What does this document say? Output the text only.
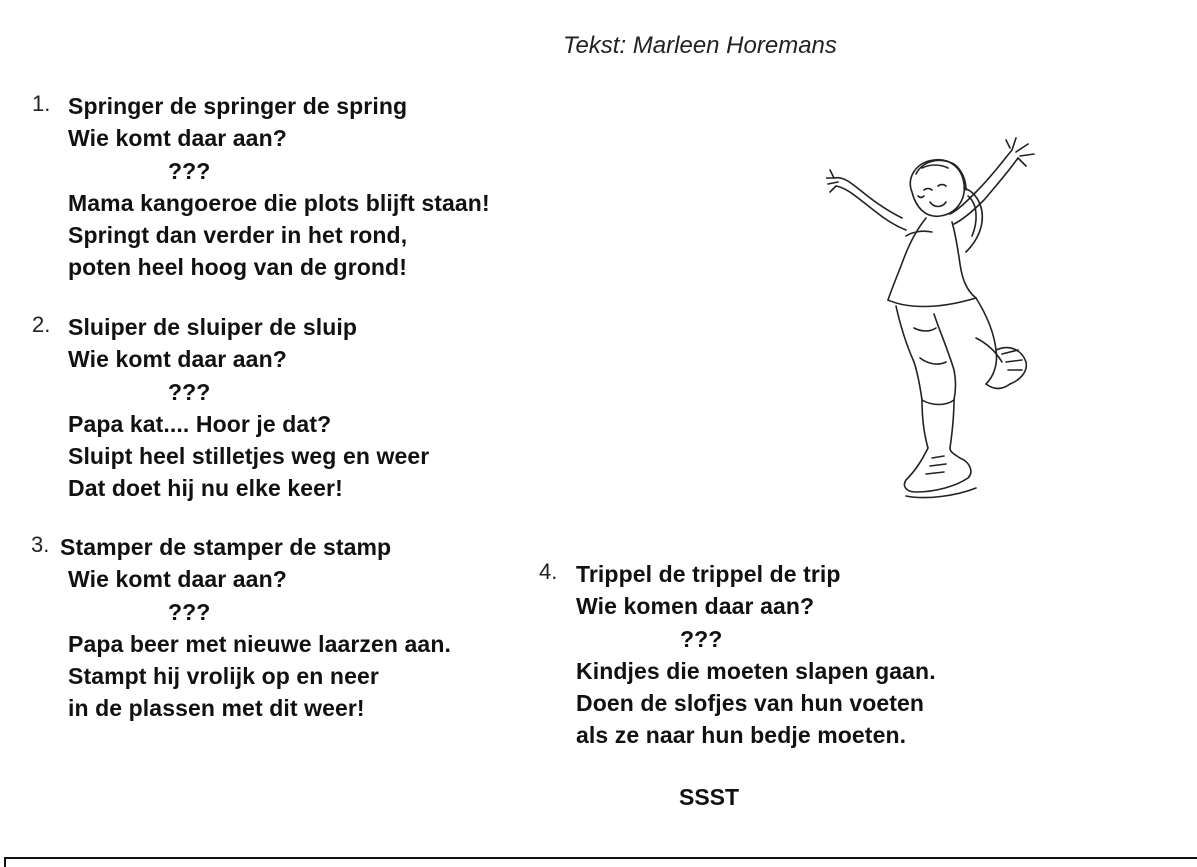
Tekst: Marleen Horemans
1. Springer de springer de spring
Wie komt daar aan?
???
Mama kangoeroe die plots blijft staan!
Springt dan verder in het rond,
poten heel hoog van de grond!
2. Sluiper de sluiper de sluip
Wie komt daar aan?
???
Papa kat.... Hoor je dat?
Sluipt heel stilletjes weg en weer
Dat doet hij nu elke keer!
3. Stamper de stamper de stamp
Wie komt daar aan?
???
Papa beer met nieuwe laarzen aan.
Stampt hij vrolijk op en neer
in de plassen met dit weer!
4. Trippel de trippel de trip
Wie komen daar aan?
???
Kindjes die moeten slapen gaan.
Doen de slofjes van hun voeten
als ze naar hun bedje moeten.
SSST
